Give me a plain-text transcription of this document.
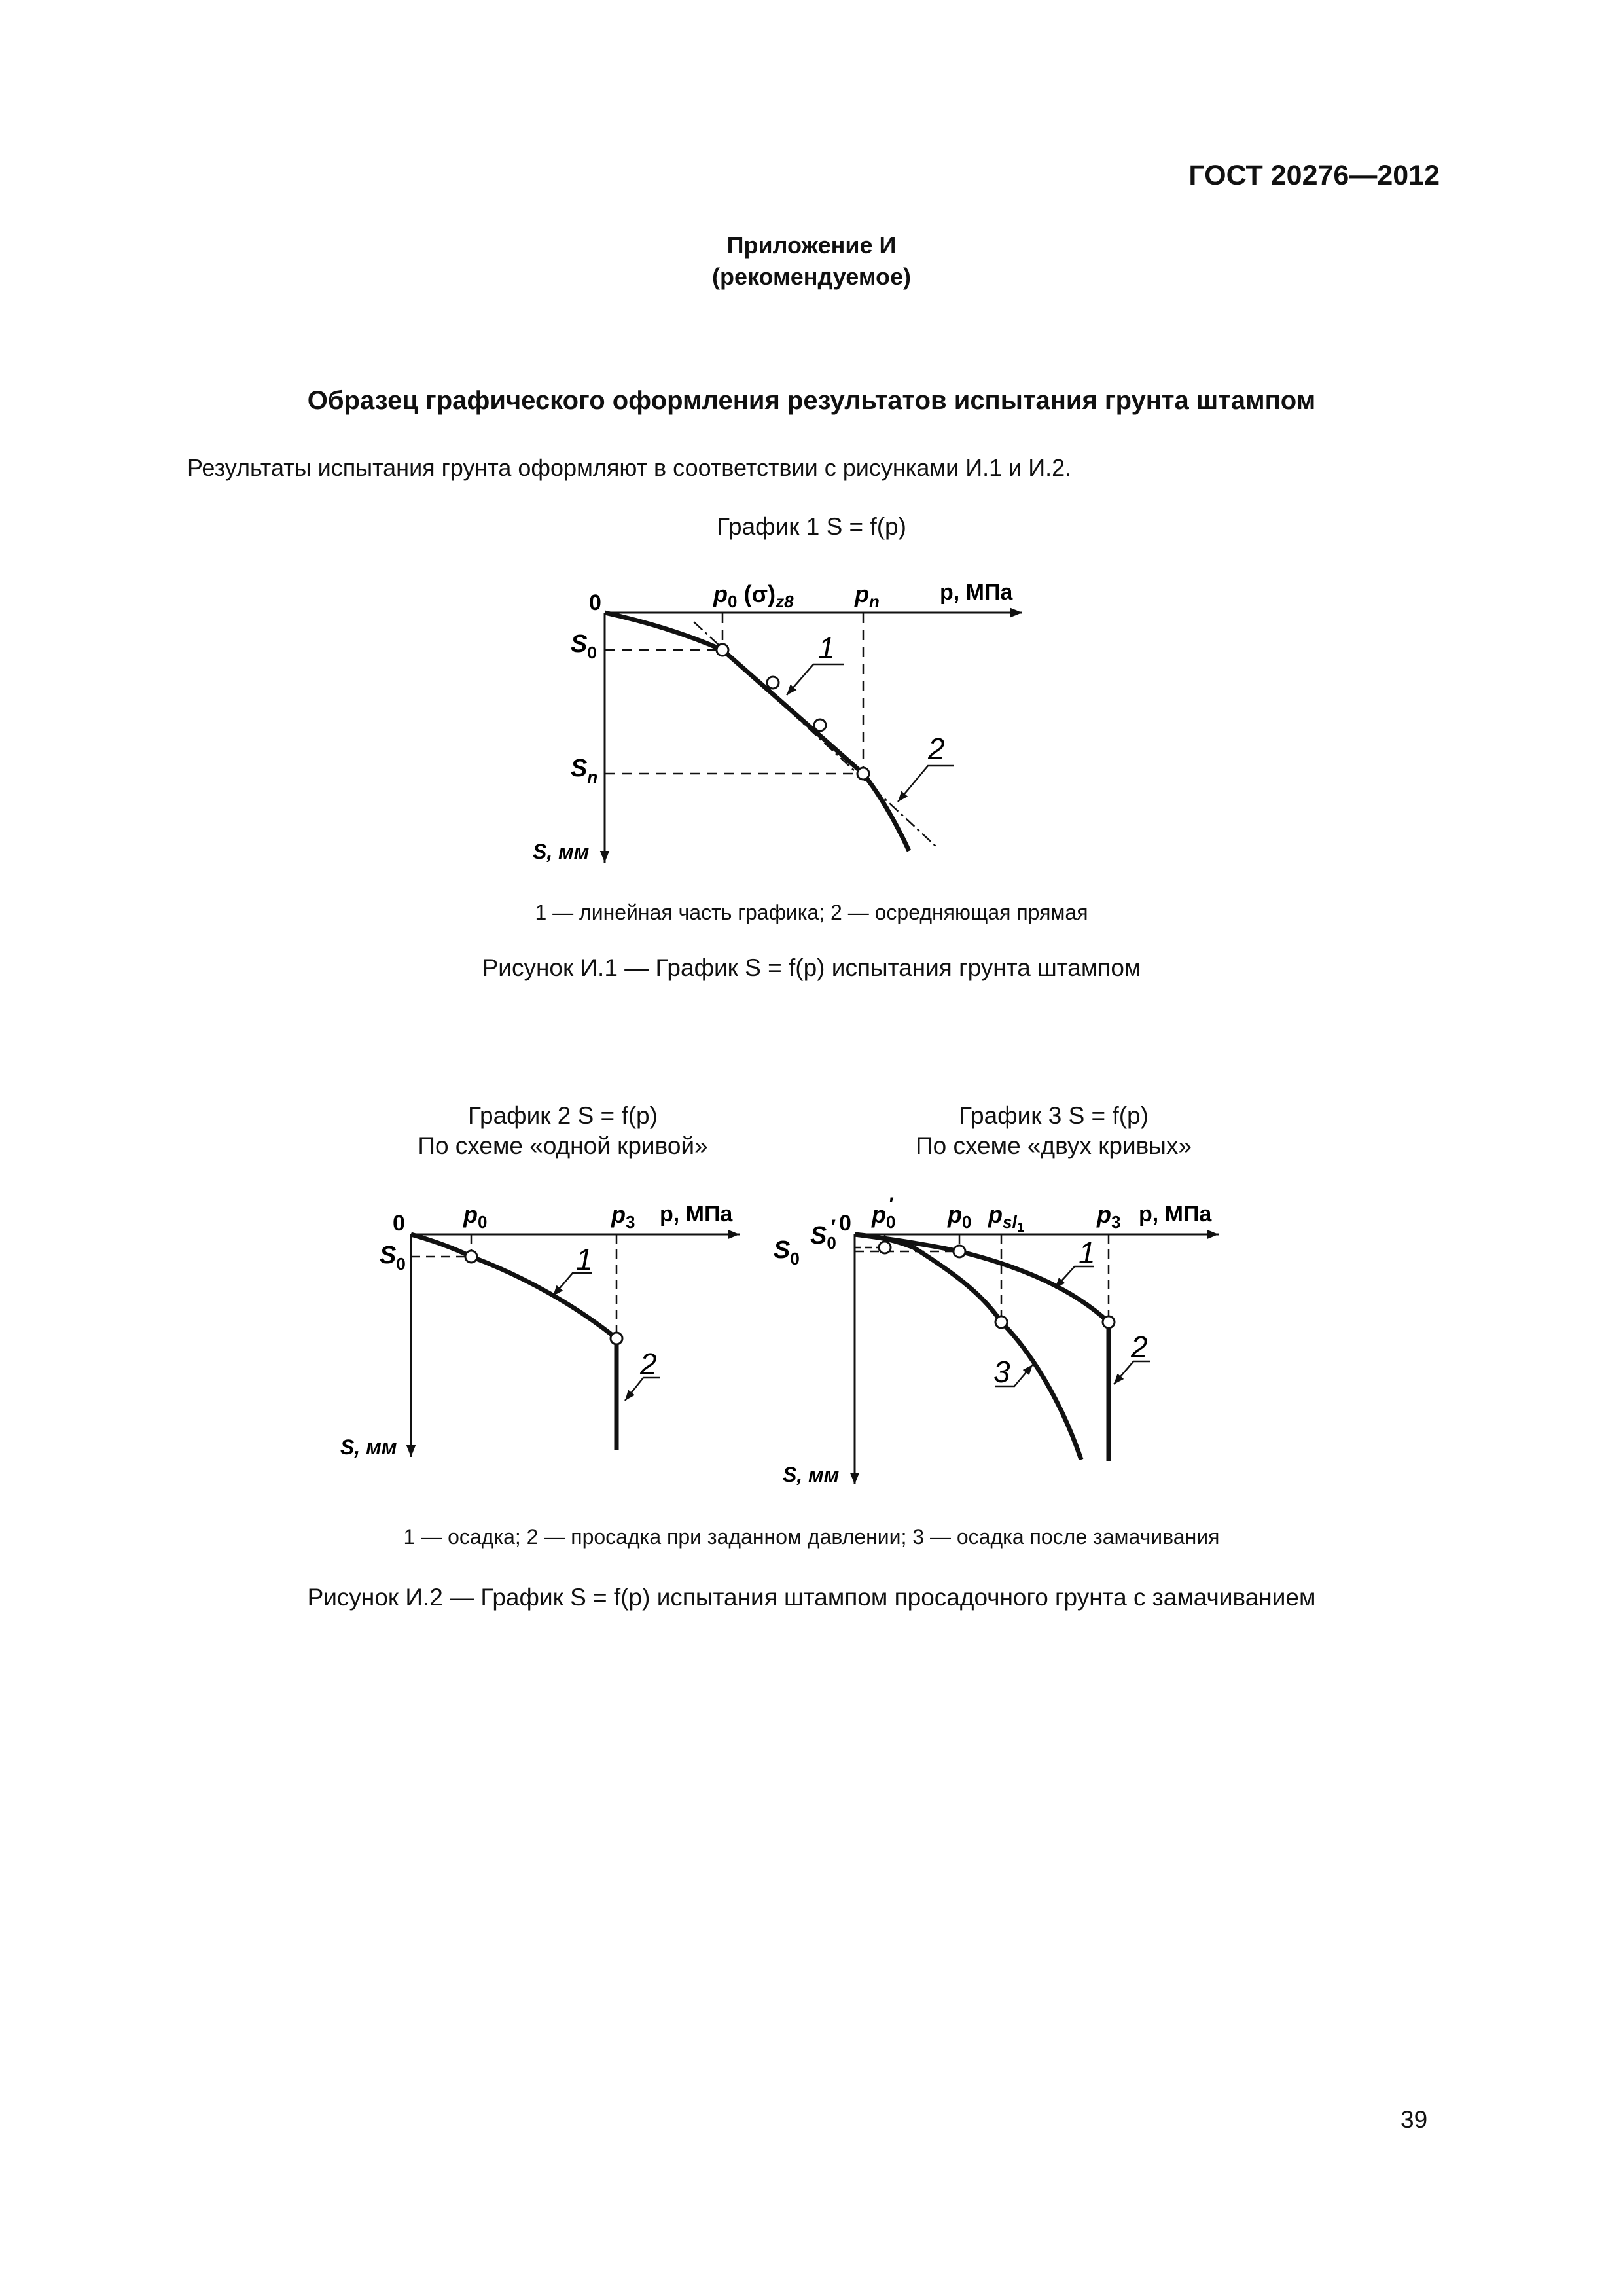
ГОСТ 20276—2012
Приложение И
(рекомендуемое)
Образец графического оформления результатов испытания грунта штампом
Результаты испытания грунта оформляют в соответствии с рисунками И.1 и И.2.
График 1 S = f(p)
0	$p_0$ $(\sigma)_{z8}$	$p_n$	p, МПа
$S_0$
$S_n$
S, мм
1
2
0 $p_0$	$p_3$ p, МПа
$S_0$
S, мм
1
2
0
$S_0'$ $p_0'$ $p_0$ $p_{sl}1$	$p_3$ p, МПа
$S_0$
S, мм
1
2
3
1 — линейная часть графика; 2 — осредняющая прямая
Рисунок И.1 — График S = f(p) испытания грунта штампом
График 2 S = f(p)
По схеме «одной кривой»
График 3 S = f(p)
По схеме «двух кривых»
1 — осадка; 2 — просадка при заданном давлении; 3 — осадка после замачивания
Рисунок И.2 — График S = f(p) испытания штампом просадочного грунта с замачиванием
39
